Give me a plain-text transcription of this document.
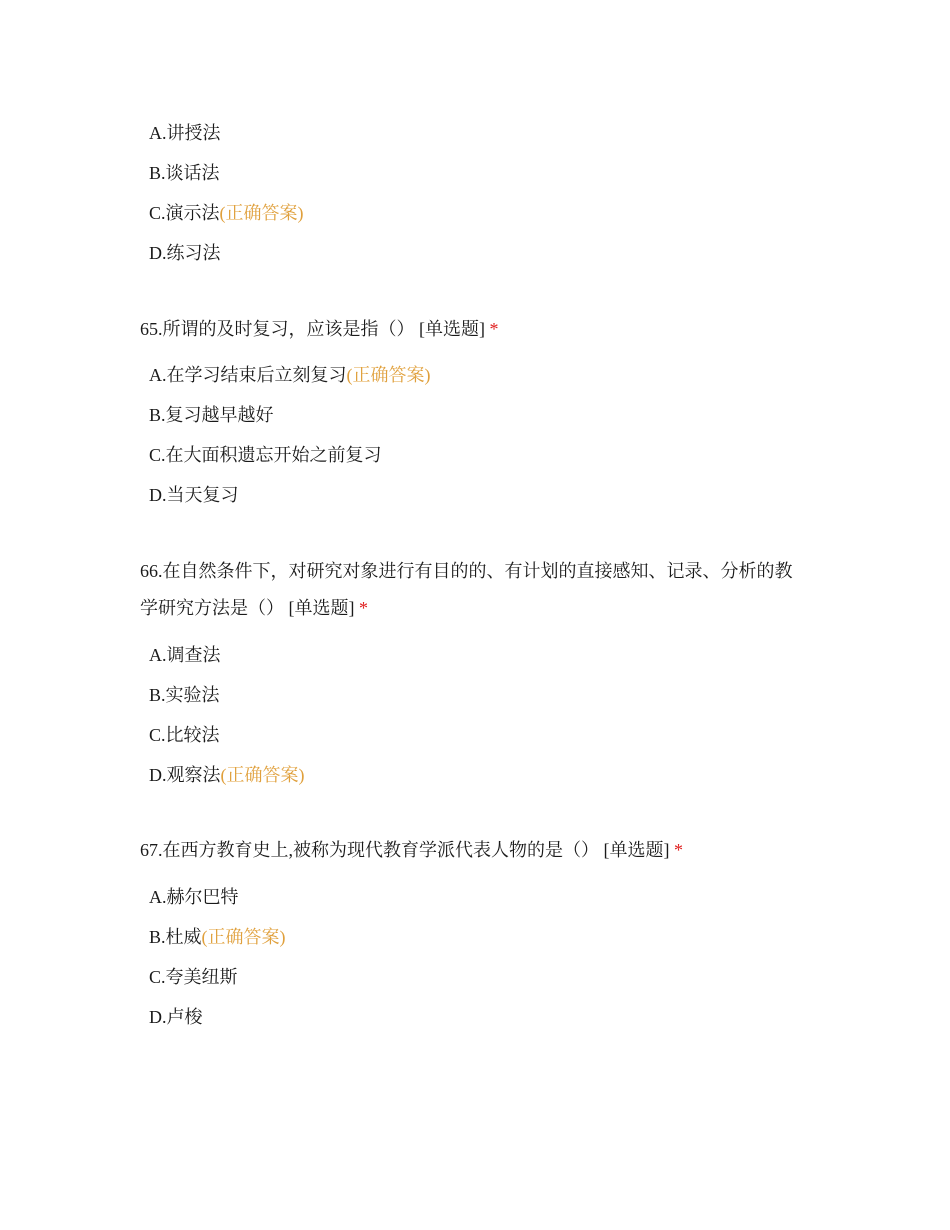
A.讲授法
B.谈话法
C.演示法(正确答案)
D.练习法
65.所谓的及时复习，应该是指（） [单选题] *
A.在学习结束后立刻复习(正确答案)
B.复习越早越好
C.在大面积遗忘开始之前复习
D.当天复习
66.在自然条件下，对研究对象进行有目的的、有计划的直接感知、记录、分析的教学研究方法是（） [单选题] *
A.调查法
B.实验法
C.比较法
D.观察法(正确答案)
67.在西方教育史上,被称为现代教育学派代表人物的是（） [单选题] *
A.赫尔巴特
B.杜威(正确答案)
C.夸美纽斯
D.卢梭
